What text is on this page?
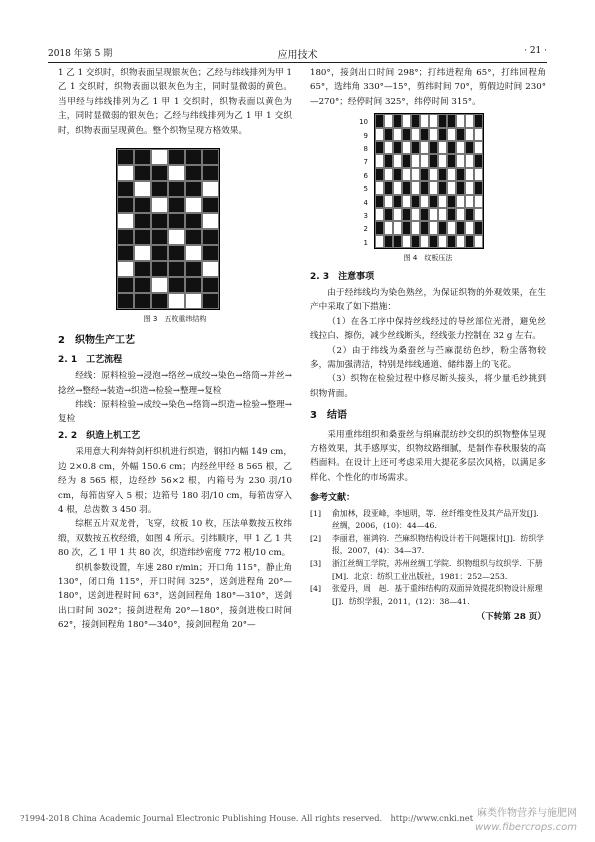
2018 年第 5 期	应用技术	· 21 ·

1 乙 1 交织时，织物表面呈现银灰色；乙经与纬线排列为甲 1 乙 1 交织时，织物表面以银灰色为主，同时显微弱的黄色。当甲经与纬线排列为乙 1 甲 1 交织时，织物表面以黄色为主，同时显微弱的银灰色；乙经与纬线排列为乙 1 甲 1 交织时，织物表面呈现黄色。整个织物呈现方格效果。

图 3　五枚重纬结构
2　织物生产工艺
2. 1　工艺流程

经线：原料检验→浸泡→络丝→成绞→染色→络筒→并丝→捻丝→整经→装造→织造→检验→整理→复检

纬线：原料检验→成绞→染色→络筒→织造→检验→整理→复检

2. 2　织造上机工艺

采用意大利奔特剑杆织机进行织造，钢扣内幅 149 cm，边 2×0.8 cm，外幅 150.6 cm；内经丝甲经 8 565 根，乙经为 8 565 根，边经纱 56×2 根，内箱号为 230 羽/10 cm，每筘齿穿入 5 根；边筘号 180 羽/10 cm，每筘齿穿入 4 根，总齿数 3 450 羽。

综框五片双龙骨，飞穿，纹板 10 枚，压法单数按五枚纬缎，双数按五枚经缎，如图 4 所示。引纬顺序，甲 1 乙 1 共 80 次，乙 1 甲 1 共 80 次，织造纬纱密度 772 根/10 cm。

织机参数设置，车速 280 r/min；开口角 115°，静止角 130°，闭口角 115°，开口时间 325°，送剑进程角 20°—180°，送剑进程时间 63°，送剑回程角 180°—310°，送剑出口时间 302°；接剑进程角 20°—180°，接剑进梭口时间 62°，接剑回程角 180°—340°，接剑回程角 20°—

180°，接剑出口时间 298°；打纬进程角 65°，打纬回程角 65°，选纬角 330°—15°，剪纬时间 70°，剪假边时间 230°—270°；经停时间 325°，纬停时间 315°。

10
9
8
7
6
5
4
3
2
1
图 4　纹板压法
2. 3　注意事项

由于经纬线均为染色熟丝，为保证织物的外观效果，在生产中采取了如下措施：

（1）在各工序中保持丝线经过的导丝部位光滑，避免丝线拉白、擦伤，减少丝线断头，经线张力控制在 32 g 左右。

（2）由于纬线为桑蚕丝与苎麻混纺色纱，粉尘落物较多，需加强清洁，特别是纬线通道、储纬器上的飞花。

（3）织物在检验过程中修尽断头接头，将少量毛纱挑到织物背面。

3　结语

采用重纬组织和桑蚕丝与绢麻混纺纱交织的织物整体呈现方格效果，其手感厚实，织物纹路细腻，是制作春秋服装的高档面料。在设计上还可考虑采用大提花多层次风格，以满足多样化、个性化的市场需求。

参考文献：
[1]	俞加林，段亚峰，李旭明，等．丝纤维变性及其产品开发[J]．丝绸，2006，(10)：44—46．
[2]	李丽君，崔鸿钧．苎麻织物结构设计若干问题探讨[J]．纺织学报，2007，(4)：34—37．
[3]	浙江丝绸工学院，苏州丝绸工学院．织物组织与纹织学．下册[M]．北京：纺织工业出版社，1981：252—253．
[4]	张爱丹，周　赳．基于重纬结构的双面异效提花织物设计原理[J]．纺织学报，2011，(12)：38—41．
（下转第 28 页）
?1994-2018 China Academic Journal Electronic Publishing House. All rights reserved.　http://www.cnki.net 麻类作物营养与施肥网
www.fibercrops.com
